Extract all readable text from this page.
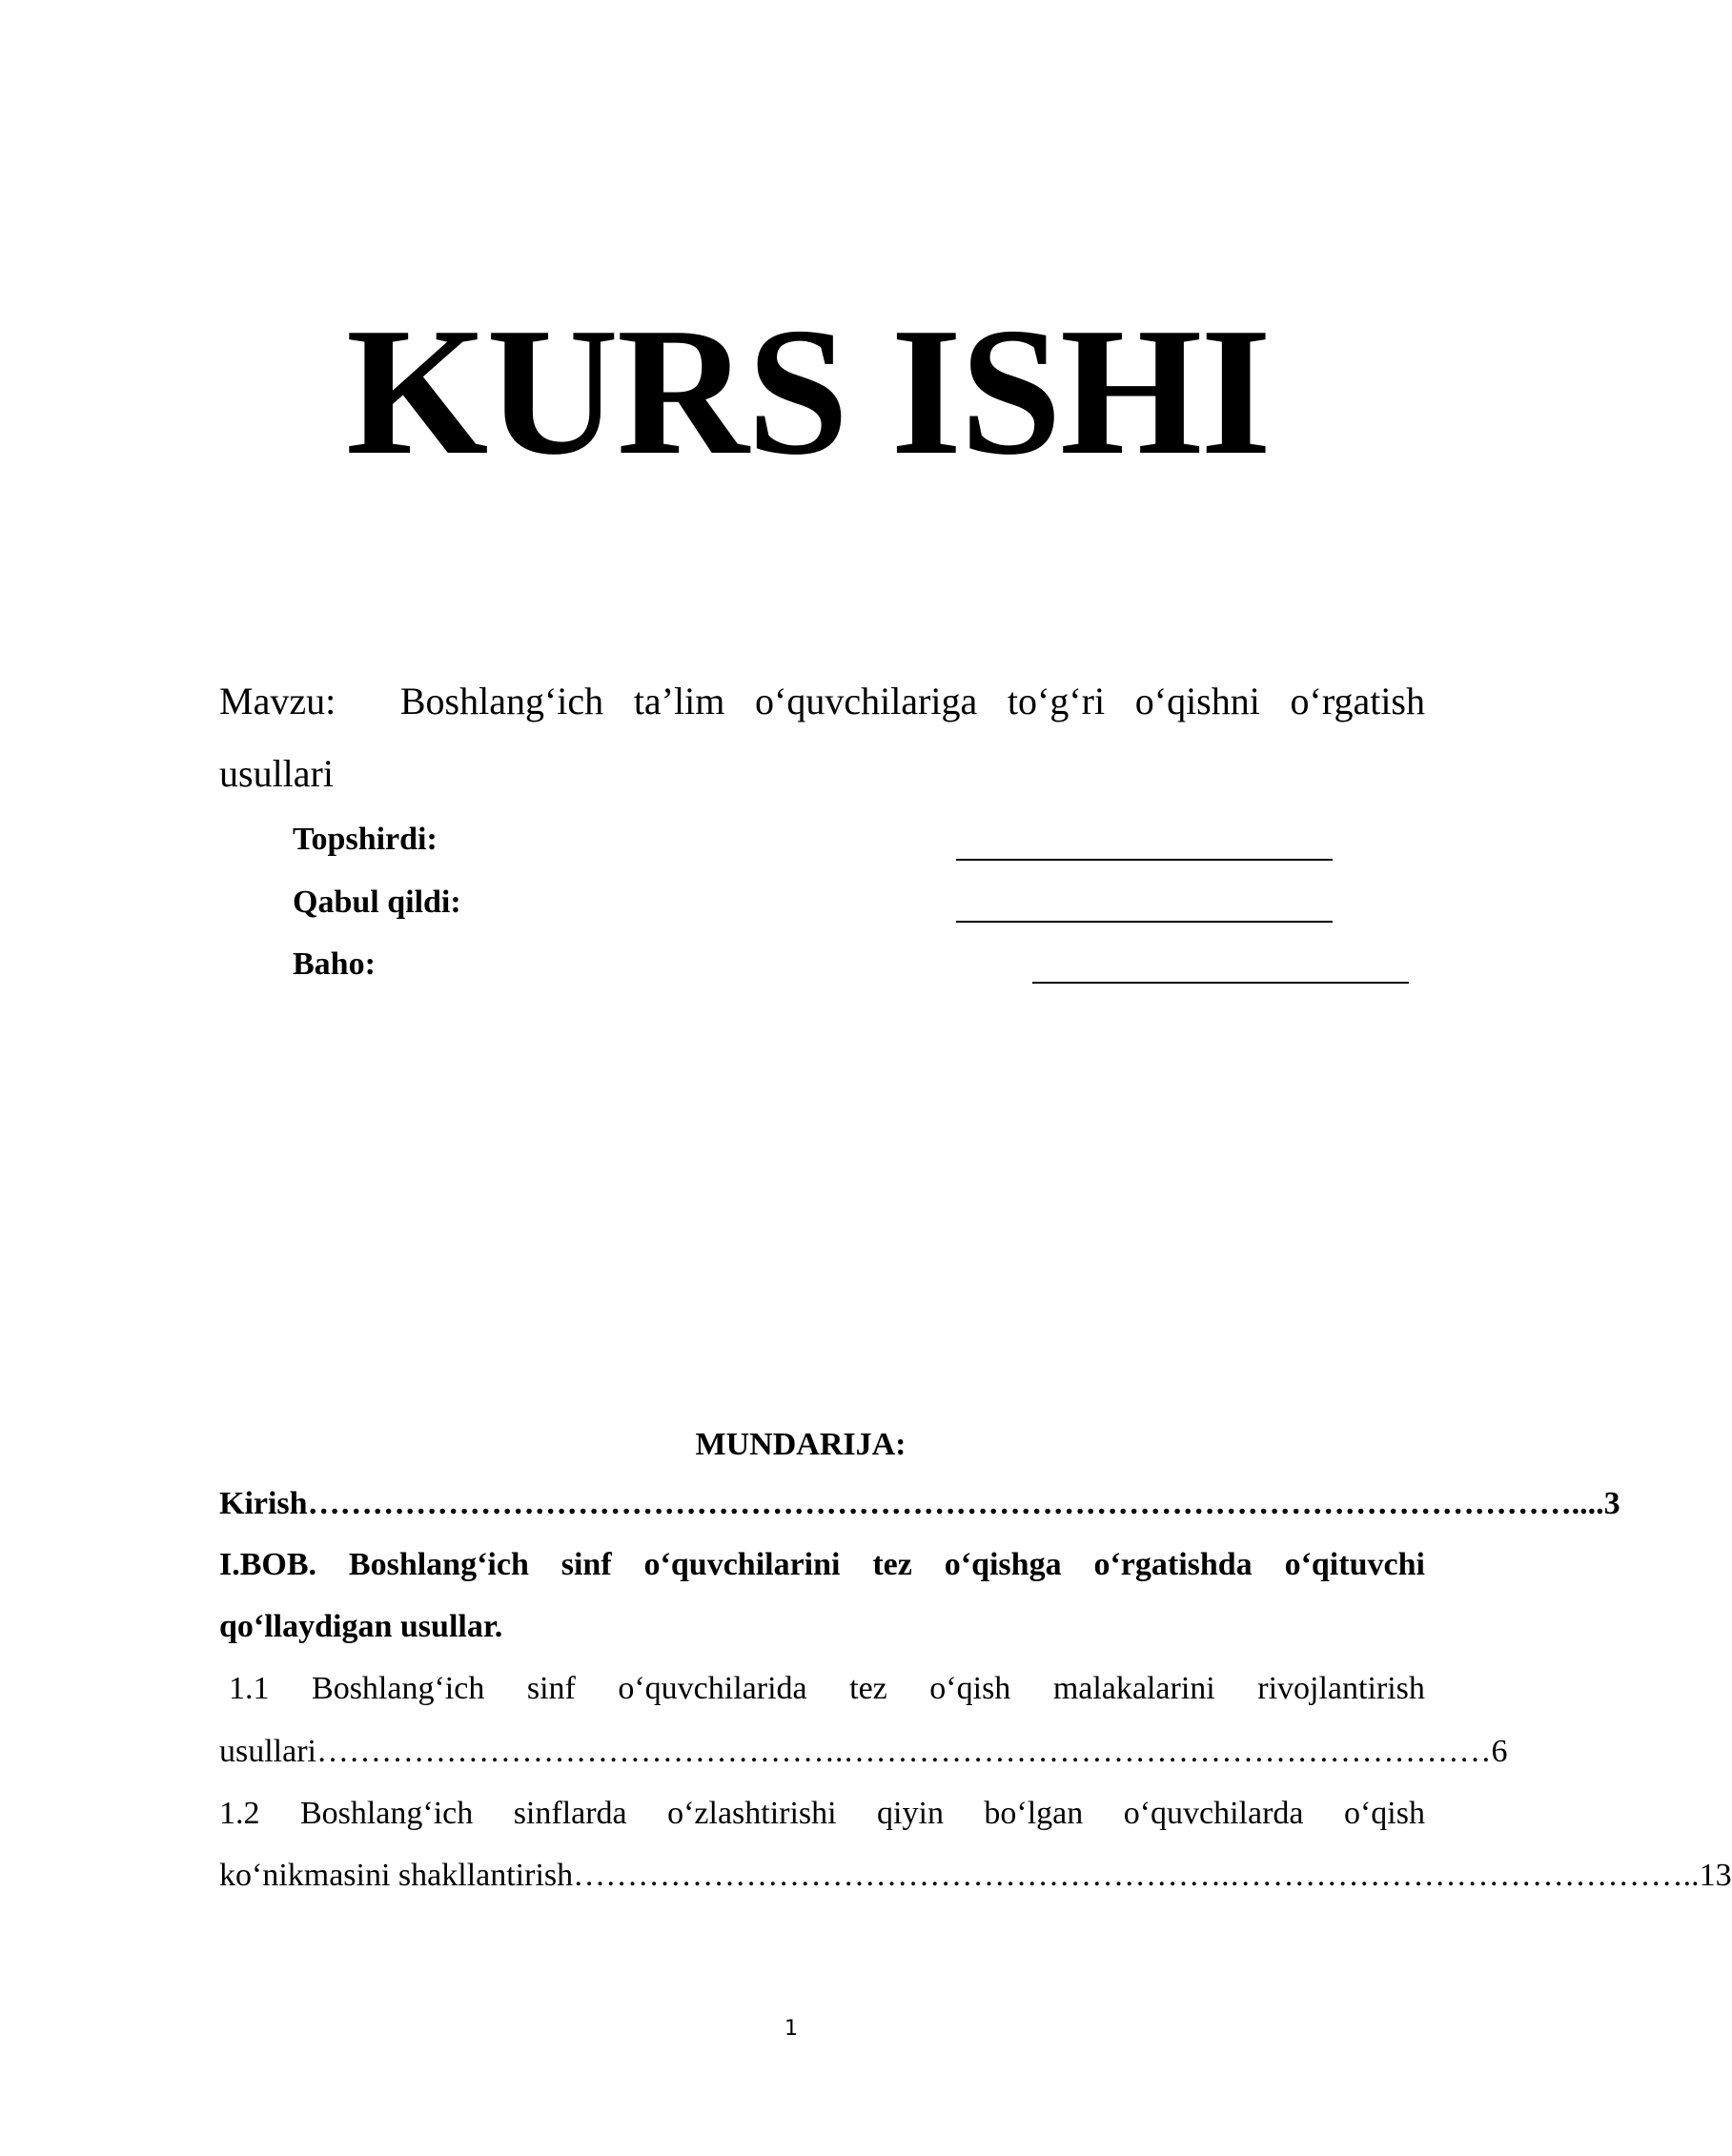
KURS ISHI
Mavzu: Boshlang‘ich ta’lim o‘quvchilariga to‘g‘ri o‘qishni o‘rgatish
usullari
Topshirdi:
Qabul qildi:
Baho:
MUNDARIJA:
Kirish ………………………………………………………………………………………………………. ...3
I.BOB. Boshlang‘ich sinf o‘quvchilarini tez o‘qishga o‘rgatishda o‘qituvchi
qo‘llaydigan usullar.
1.1 Boshlang‘ich sinf o‘quvchilarida tez o‘qish malakalarini rivojlantirish
usullari ………………………………………….…………………………………………………… 6
1.2 Boshlang‘ich sinflarda o‘zlashtirishi qiyin bo‘lgan o‘quvchilarda o‘qish
ko‘nikmasini shakllantirish …………………………………………………….…………………………………… ..13
1
